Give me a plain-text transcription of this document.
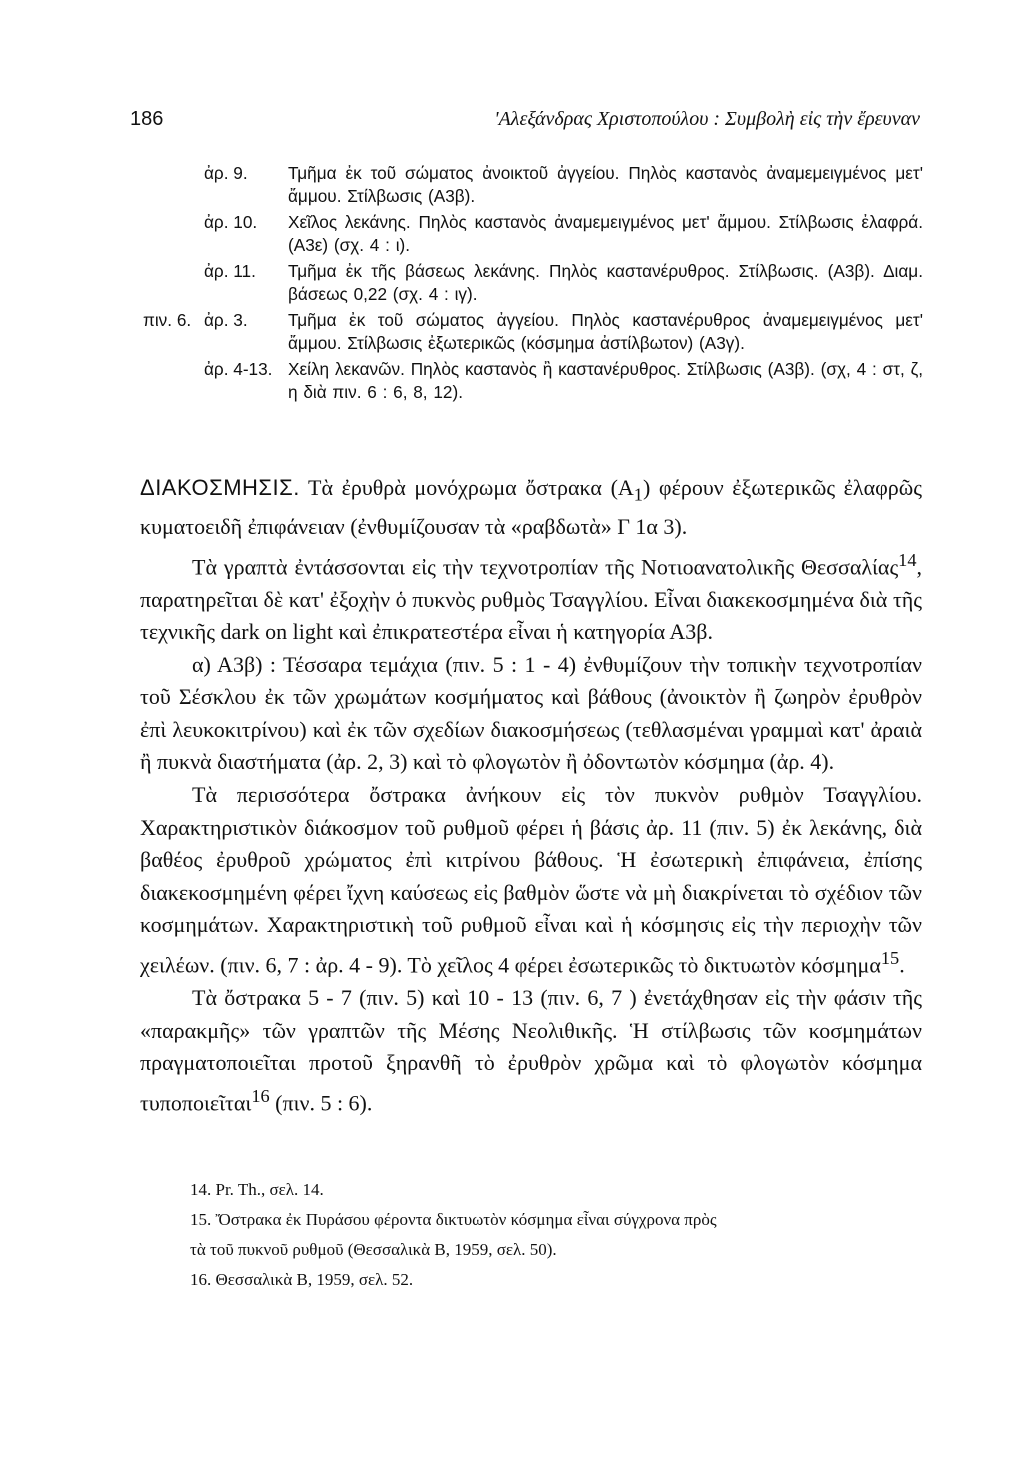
186	'Αλεξάνδρας Χριστοπούλου : Συμβολὴ εἰς τὴν ἔρευναν
ἀρ. 9.	Τμῆμα ἐκ τοῦ σώματος ἀνοικτοῦ ἀγγείου. Πηλὸς καστανὸς ἀναμεμειγμένος μετ' ἄμμου. Στίλβωσις (Α3β).
ἀρ. 10.	Χεῖλος λεκάνης. Πηλὸς καστανὸς ἀναμεμειγμένος μετ' ἄμμου. Στίλβωσις ἐλαφρά. (Α3ε) (σχ. 4 : ι).
ἀρ. 11.	Τμῆμα ἐκ τῆς βάσεως λεκάνης. Πηλὸς καστανέρυθρος. Στίλβωσις. (Α3β). Διαμ. βάσεως 0,22 (σχ. 4 : ιγ).
πιν. 6. ἀρ. 3.	Τμῆμα ἐκ τοῦ σώματος ἀγγείου. Πηλὸς καστανέρυθρος ἀναμεμειγμένος μετ' ἄμμου. Στίλβωσις ἐξωτερικῶς (κόσμημα ἀστίλβωτον) (Α3γ).
ἀρ. 4-13. Χείλη λεκανῶν. Πηλὸς καστανὸς ἢ καστανέρυθρος. Στίλβωσις (Α3β). (σχ, 4 : στ, ζ, η διὰ πιν. 6 : 6, 8, 12).

ΔΙΑΚΟΣΜΗΣΙΣ. Τὰ ἐρυθρὰ μονόχρωμα ὄστρακα $(A_1)$ φέρουν ἐξωτερικῶς ἐλαφρῶς κυματοειδῆ ἐπιφάνειαν (ἐνθυμίζουσαν τὰ «ραβδωτὰ» Γ 1α 3).

Τὰ γραπτὰ ἐντάσσονται εἰς τὴν τεχνοτροπίαν τῆς Νοτιοανατολικῆς Θεσσαλίας$^{14}$, παρατηρεῖται δὲ κατ' ἐξοχὴν ὁ πυκνὸς ρυθμὸς Τσαγγλίου. Εἶναι διακεκοσμημένα διὰ τῆς τεχνικῆς dark on light καὶ ἐπικρατεστέρα εἶναι ἡ κατηγορία Α3β.

α) Α3β) : Τέσσαρα τεμάχια (πιν. 5 : 1 - 4) ἐνθυμίζουν τὴν τοπικὴν τεχνοτροπίαν τοῦ Σέσκλου ἐκ τῶν χρωμάτων κοσμήματος καὶ βάθους (ἀνοικτὸν ἢ ζωηρὸν ἐρυθρὸν ἐπὶ λευκοκιτρίνου) καὶ ἐκ τῶν σχεδίων διακοσμήσεως (τεθλασμέναι γραμμαὶ κατ' ἀραιὰ ἢ πυκνὰ διαστήματα (ἀρ. 2, 3) καὶ τὸ φλογωτὸν ἢ ὀδοντωτὸν κόσμημα (ἀρ. 4).

Τὰ περισσότερα ὄστρακα ἀνήκουν εἰς τὸν πυκνὸν ρυθμὸν Τσαγγλίου. Χαρακτηριστικὸν διάκοσμον τοῦ ρυθμοῦ φέρει ἡ βάσις ἀρ. 11 (πιν. 5) ἐκ λεκάνης, διὰ βαθέος ἐρυθροῦ χρώματος ἐπὶ κιτρίνου βάθους. Ἡ ἐσωτερικὴ ἐπιφάνεια, ἐπίσης διακεκοσμημένη φέρει ἴχνη καύσεως εἰς βαθμὸν ὥστε νὰ μὴ διακρίνεται τὸ σχέδιον τῶν κοσμημάτων. Χαρακτηριστικὴ τοῦ ρυθμοῦ εἶναι καὶ ἡ κόσμησις εἰς τὴν περιοχὴν τῶν χειλέων. (πιν. 6, 7 : ἀρ. 4 - 9). Τὸ χεῖλος 4 φέρει ἐσωτερικῶς τὸ δικτυωτὸν κόσμημα$^{15}$.

Τὰ ὄστρακα 5 - 7 (πιν. 5) καὶ 10 - 13 (πιν. 6, 7 ) ἐνετάχθησαν εἰς τὴν φάσιν τῆς «παρακμῆς» τῶν γραπτῶν τῆς Μέσης Νεολιθικῆς. Ἡ στίλβωσις τῶν κοσμημάτων πραγματοποιεῖται προτοῦ ξηρανθῆ τὸ ἐρυθρὸν χρῶμα καὶ τὸ φλογωτὸν κόσμημα τυποποιεῖται$^{16}$ (πιν. 5 : 6).

14. Pr. Th., σελ. 14.

15. Ὄστρακα ἐκ Πυράσου φέροντα δικτυωτὸν κόσμημα εἶναι σύγχρονα πρὸς

τὰ τοῦ πυκνοῦ ρυθμοῦ (Θεσσαλικὰ Β, 1959, σελ. 50).

16. Θεσσαλικὰ Β, 1959, σελ. 52.
